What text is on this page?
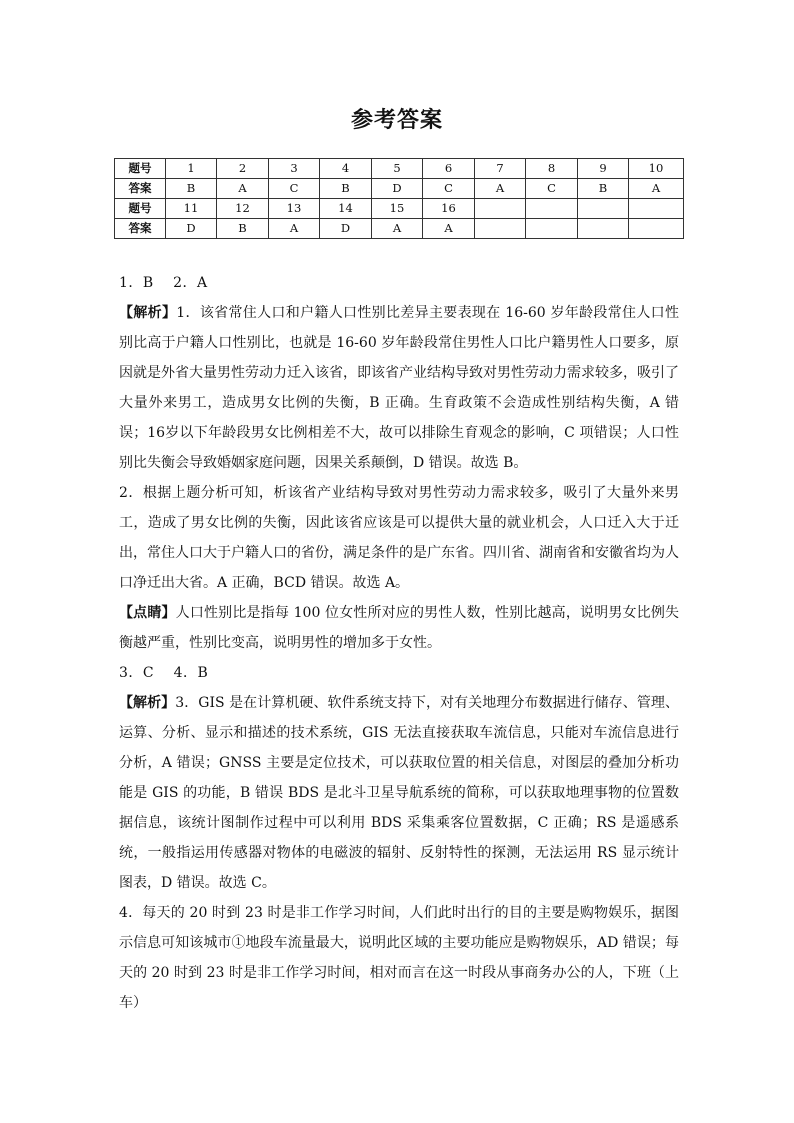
参考答案
题号	1	2	3	4	5	6	7	8	9	10
答案	B	A	C	B	D	C	A	C	B	A
题号	11	12	13	14	15	16				
答案	D	B	A	D	A	A				

1．B　 2．A

【解析】1．该省常住人口和户籍人口性别比差异主要表现在 16-60 岁年龄段常住人口性别比高于户籍人口性别比，也就是 16-60 岁年龄段常住男性人口比户籍男性人口要多，原因就是外省大量男性劳动力迁入该省，即该省产业结构导致对男性劳动力需求较多，吸引了大量外来男工，造成男女比例的失衡，B 正确。生育政策不会造成性别结构失衡，A 错误；16岁以下年龄段男女比例相差不大，故可以排除生育观念的影响，C 项错误；人口性别比失衡会导致婚姻家庭问题，因果关系颠倒，D 错误。故选 B。

2．根据上题分析可知，析该省产业结构导致对男性劳动力需求较多，吸引了大量外来男工，造成了男女比例的失衡，因此该省应该是可以提供大量的就业机会，人口迁入大于迁出，常住人口大于户籍人口的省份，满足条件的是广东省。四川省、湖南省和安徽省均为人口净迁出大省。A 正确，BCD 错误。故选 A。

【点睛】人口性别比是指每 100 位女性所对应的男性人数，性别比越高，说明男女比例失衡越严重，性别比变高，说明男性的增加多于女性。

3．C　 4．B

【解析】3．GIS 是在计算机硬、软件系统支持下，对有关地理分布数据进行储存、管理、运算、分析、显示和描述的技术系统，GIS 无法直接获取车流信息，只能对车流信息进行分析，A 错误；GNSS 主要是定位技术，可以获取位置的相关信息，对图层的叠加分析功能是 GIS 的功能，B 错误 BDS 是北斗卫星导航系统的简称，可以获取地理事物的位置数据信息，该统计图制作过程中可以利用 BDS 采集乘客位置数据，C 正确；RS 是遥感系统，一般指运用传感器对物体的电磁波的辐射、反射特性的探测，无法运用 RS 显示统计图表，D 错误。故选 C。

4．每天的 20 时到 23 时是非工作学习时间，人们此时出行的目的主要是购物娱乐，据图示信息可知该城市①地段车流量最大，说明此区域的主要功能应是购物娱乐，AD 错误；每天的 20 时到 23 时是非工作学习时间，相对而言在这一时段从事商务办公的人，下班（上车）
